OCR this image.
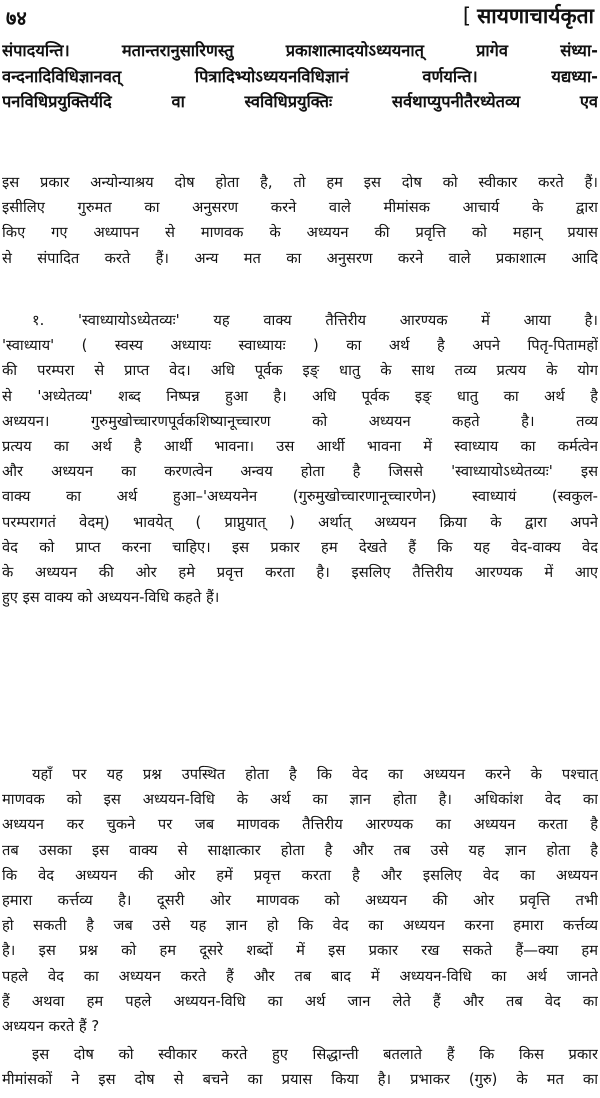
७४	[ सायणाचार्यकृता
संपादयन्ति। मतान्तरानुसारिणस्तु प्रकाशात्मादयोऽध्ययनात् प्रागेव संध्या-
वन्दनादिविधिज्ञानवत् पित्रादिभ्योऽध्ययनविधिज्ञानं वर्णयन्ति। यद्यध्या-
पनविधिप्रयुक्तिर्यदि वा स्वविधिप्रयुक्तिः सर्वथाप्युपनीतैरध्येतव्य एव
इस प्रकार अन्योन्याश्रय दोष होता है, तो हम इस दोष को स्वीकार करते हैं।
इसीलिए गुरुमत का अनुसरण करने वाले मीमांसक आचार्य के द्वारा
किए गए अध्यापन से माणवक के अध्ययन की प्रवृत्ति को महान् प्रयास
से संपादित करते हैं। अन्य मत का अनुसरण करने वाले प्रकाशात्म आदि
१. 'स्वाध्यायोऽध्येतव्यः' यह वाक्य तैत्तिरीय आरण्यक में आया है।
'स्वाध्याय' ( स्वस्य अध्यायः स्वाध्यायः ) का अर्थ है अपने पितृ-पितामहों
की परम्परा से प्राप्त वेद। अधि पूर्वक इङ् धातु के साथ तव्य प्रत्यय के योग
से 'अध्येतव्य' शब्द निष्पन्न हुआ है। अधि पूर्वक इङ् धातु का अर्थ है
अध्ययन। गुरुमुखोच्चारणपूर्वकशिष्यानूच्चारण को अध्ययन कहते है। तव्य
प्रत्यय का अर्थ है आर्थी भावना। उस आर्थी भावना में स्वाध्याय का कर्मत्वेन
और अध्ययन का करणत्वेन अन्वय होता है जिससे 'स्वाध्यायोऽध्येतव्यः' इस
वाक्य का अर्थ हुआ–'अध्ययनेन (गुरुमुखोच्चारणानूच्चारणेन) स्वाध्यायं (स्वकुल-
परम्परागतं वेदम्) भावयेत् ( प्राप्नुयात् ) अर्थात् अध्ययन क्रिया के द्वारा अपने
वेद को प्राप्त करना चाहिए। इस प्रकार हम देखते हैं कि यह वेद-वाक्य वेद
के अध्ययन की ओर हमे प्रवृत्त करता है। इसलिए तैत्तिरीय आरण्यक में आए
हुए इस वाक्य को अध्ययन-विधि कहते हैं।
यहाँ पर यह प्रश्न उपस्थित होता है कि वेद का अध्ययन करने के पश्चात्
माणवक को इस अध्ययन-विधि के अर्थ का ज्ञान होता है। अधिकांश वेद का
अध्ययन कर चुकने पर जब माणवक तैत्तिरीय आरण्यक का अध्ययन करता है
तब उसका इस वाक्य से साक्षात्कार होता है और तब उसे यह ज्ञान होता है
कि वेद अध्ययन की ओर हमें प्रवृत्त करता है और इसलिए वेद का अध्ययन
हमारा कर्त्तव्य है। दूसरी ओर माणवक को अध्ययन की ओर प्रवृत्ति तभी
हो सकती है जब उसे यह ज्ञान हो कि वेद का अध्ययन करना हमारा कर्त्तव्य
है। इस प्रश्न को हम दूसरे शब्दों में इस प्रकार रख सकते हैं—क्या हम
पहले वेद का अध्ययन करते हैं और तब बाद में अध्ययन-विधि का अर्थ जानते
हैं अथवा हम पहले अध्ययन-विधि का अर्थ जान लेते हैं और तब वेद का
अध्ययन करते हैं ?
इस दोष को स्वीकार करते हुए सिद्धान्ती बतलाते हैं कि किस प्रकार
मीमांसकों ने इस दोष से बचने का प्रयास किया है। प्रभाकर (गुरु) के मत का
